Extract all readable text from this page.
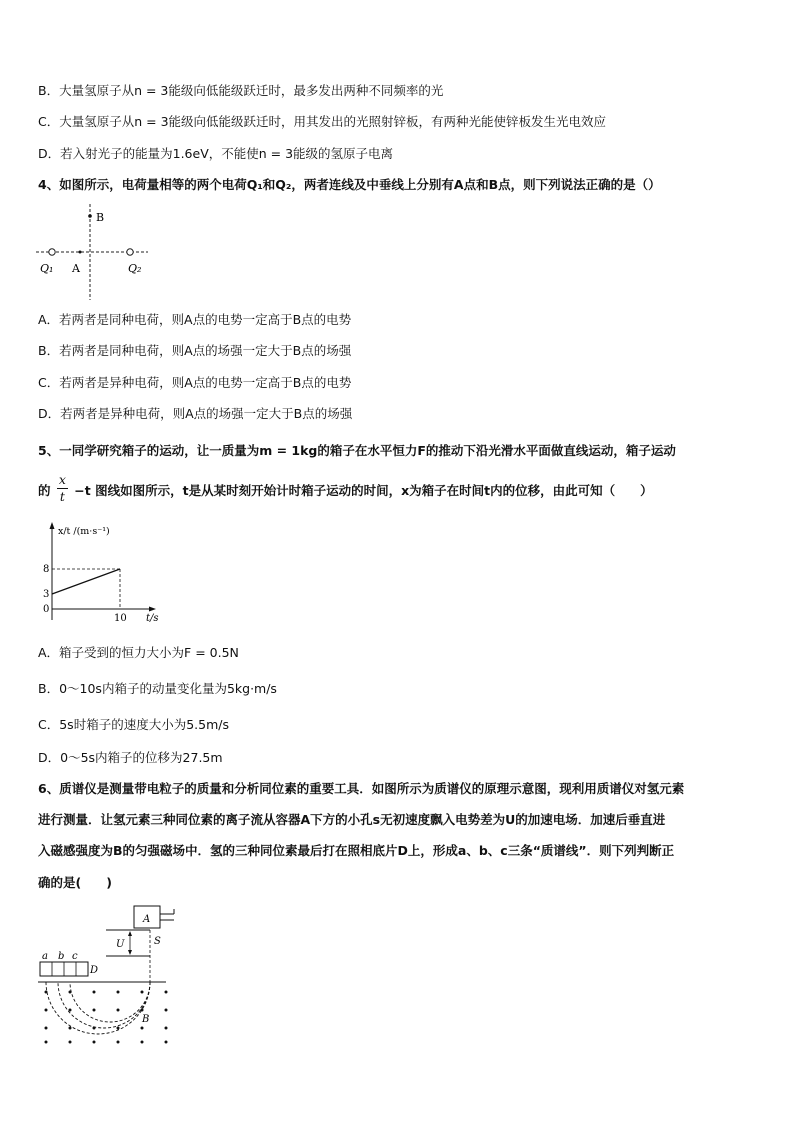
B．大量氢原子从n = 3能级向低能级跃迁时，最多发出两种不同频率的光
C．大量氢原子从n = 3能级向低能级跃迁时，用其发出的光照射锌板，有两种光能使锌板发生光电效应
D．若入射光子的能量为1.6eV，不能使n = 3能级的氢原子电离
4、如图所示，电荷量相等的两个电荷Q₁和Q₂，两者连线及中垂线上分别有A点和B点，则下列说法正确的是（）
B
Q₁ A	Q₂
A．若两者是同种电荷，则A点的电势一定高于B点的电势
B．若两者是同种电荷，则A点的场强一定大于B点的场强
C．若两者是异种电荷，则A点的电势一定高于B点的电势
D．若两者是异种电荷，则A点的场强一定大于B点的场强
5、一同学研究箱子的运动，让一质量为m = 1kg的箱子在水平恒力F的推动下沿光滑水平面做直线运动，箱子运动
的 $\frac{x}{t} -t$ 图线如图所示，t是从某时刻开始计时箱子运动的时间，x为箱子在时间t内的位移，由此可知（　　）
x/t /(m·s⁻¹)
t/s
8
3
0
10
A．箱子受到的恒力大小为F = 0.5N
B．0～10s内箱子的动量变化量为5kg·m/s
C．5s时箱子的速度大小为5.5m/s
D．0～5s内箱子的位移为27.5m
6、质谱仪是测量带电粒子的质量和分析同位素的重要工具．如图所示为质谱仪的原理示意图，现利用质谱仪对氢元素
进行测量．让氢元素三种同位素的离子流从容器A下方的小孔s无初速度飘入电势差为U的加速电场．加速后垂直进
入磁感强度为B的匀强磁场中．氢的三种同位素最后打在照相底片D上，形成a、b、c三条“质谱线”．则下列判断正
确的是(　　)
A
U	S
a b c
D
B
